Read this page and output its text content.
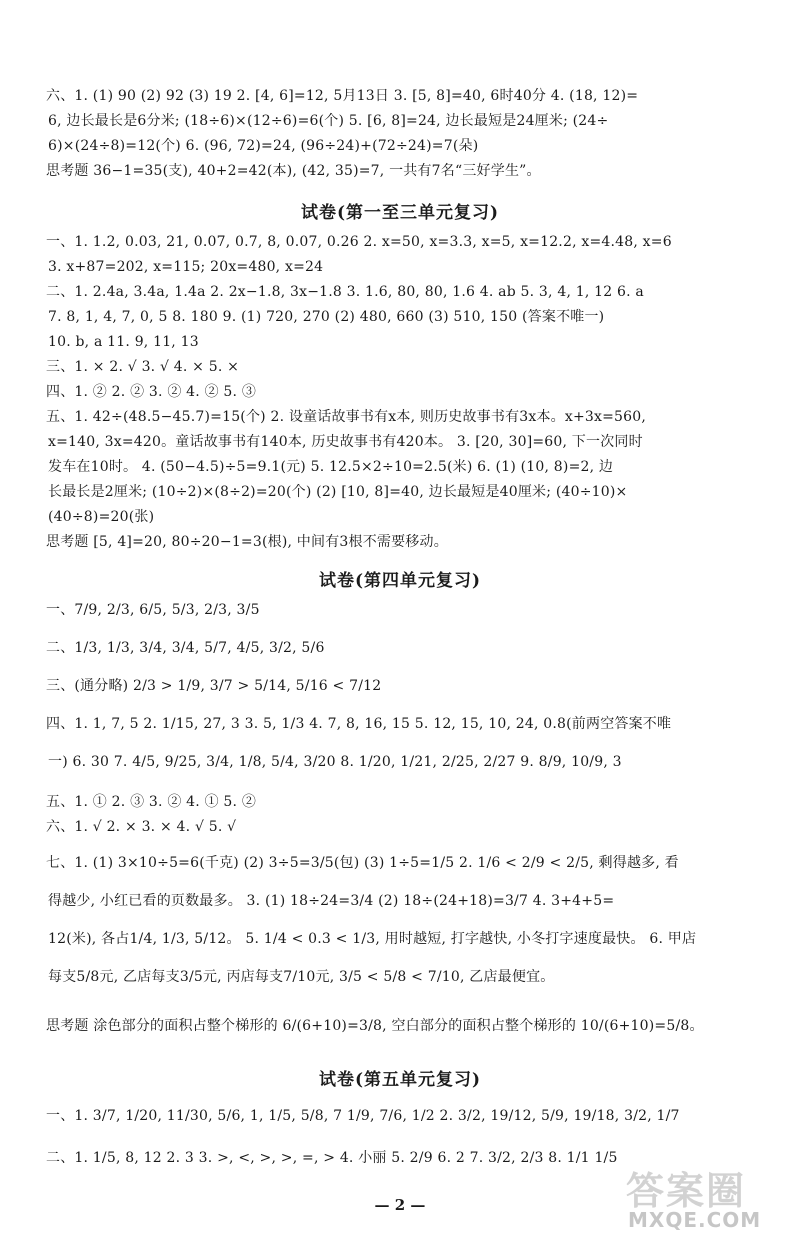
六、1. (1) 90 (2) 92 (3) 19 2. [4, 6]=12, 5月13日 3. [5, 8]=40, 6时40分 4. (18, 12)=
6, 边长最长是6分米; (18÷6)×(12÷6)=6(个) 5. [6, 8]=24, 边长最短是24厘米; (24÷
6)×(24÷8)=12(个) 6. (96, 72)=24, (96÷24)+(72÷24)=7(朵)
思考题 36−1=35(支), 40+2=42(本), (42, 35)=7, 一共有7名“三好学生”。
试卷(第一至三单元复习)
一、1. 1.2, 0.03, 21, 0.07, 0.7, 8, 0.07, 0.26 2. x=50, x=3.3, x=5, x=12.2, x=4.48, x=6
3. x+87=202, x=115; 20x=480, x=24
二、1. 2.4a, 3.4a, 1.4a 2. 2x−1.8, 3x−1.8 3. 1.6, 80, 80, 1.6 4. ab 5. 3, 4, 1, 12 6. a
7. 8, 1, 4, 7, 0, 5 8. 180 9. (1) 720, 270 (2) 480, 660 (3) 510, 150 (答案不唯一)
10. b, a 11. 9, 11, 13
三、1. × 2. √ 3. √ 4. × 5. ×
四、1. ② 2. ② 3. ② 4. ② 5. ③
五、1. 42÷(48.5−45.7)=15(个) 2. 设童话故事书有x本, 则历史故事书有3x本。x+3x=560,
x=140, 3x=420。童话故事书有140本, 历史故事书有420本。 3. [20, 30]=60, 下一次同时
发车在10时。 4. (50−4.5)÷5=9.1(元) 5. 12.5×2÷10=2.5(米) 6. (1) (10, 8)=2, 边
长最长是2厘米; (10÷2)×(8÷2)=20(个) (2) [10, 8]=40, 边长最短是40厘米; (40÷10)×
(40÷8)=20(张)
思考题 [5, 4]=20, 80÷20−1=3(根), 中间有3根不需要移动。
试卷(第四单元复习)
一、7/9, 2/3, 6/5, 5/3, 2/3, 3/5
二、1/3, 1/3, 3/4, 3/4, 5/7, 4/5, 3/2, 5/6
三、(通分略) 2/3 > 1/9, 3/7 > 5/14, 5/16 < 7/12
四、1. 1, 7, 5 2. 1/15, 27, 3 3. 5, 1/3 4. 7, 8, 16, 15 5. 12, 15, 10, 24, 0.8(前两空答案不唯
一) 6. 30 7. 4/5, 9/25, 3/4, 1/8, 5/4, 3/20 8. 1/20, 1/21, 2/25, 2/27 9. 8/9, 10/9, 3
五、1. ① 2. ③ 3. ② 4. ① 5. ②
六、1. √ 2. × 3. × 4. √ 5. √
七、1. (1) 3×10÷5=6(千克) (2) 3÷5=3/5(包) (3) 1÷5=1/5 2. 1/6 < 2/9 < 2/5, 剩得越多, 看
得越少, 小红已看的页数最多。 3. (1) 18÷24=3/4 (2) 18÷(24+18)=3/7 4. 3+4+5=
12(米), 各占1/4, 1/3, 5/12。 5. 1/4 < 0.3 < 1/3, 用时越短, 打字越快, 小冬打字速度最快。 6. 甲店
每支5/8元, 乙店每支3/5元, 丙店每支7/10元, 3/5 < 5/8 < 7/10, 乙店最便宜。
思考题 涂色部分的面积占整个梯形的 6/(6+10)=3/8, 空白部分的面积占整个梯形的 10/(6+10)=5/8。
试卷(第五单元复习)
一、1. 3/7, 1/20, 11/30, 5/6, 1, 1/5, 5/8, 7 1/9, 7/6, 1/2 2. 3/2, 19/12, 5/9, 19/18, 3/2, 1/7
二、1. 1/5, 8, 12 2. 3 3. >, <, >, >, =, > 4. 小丽 5. 2/9 6. 2 7. 3/2, 2/3 8. 1/1 1/5
— 2 —	答案圈
MXQE.COM
